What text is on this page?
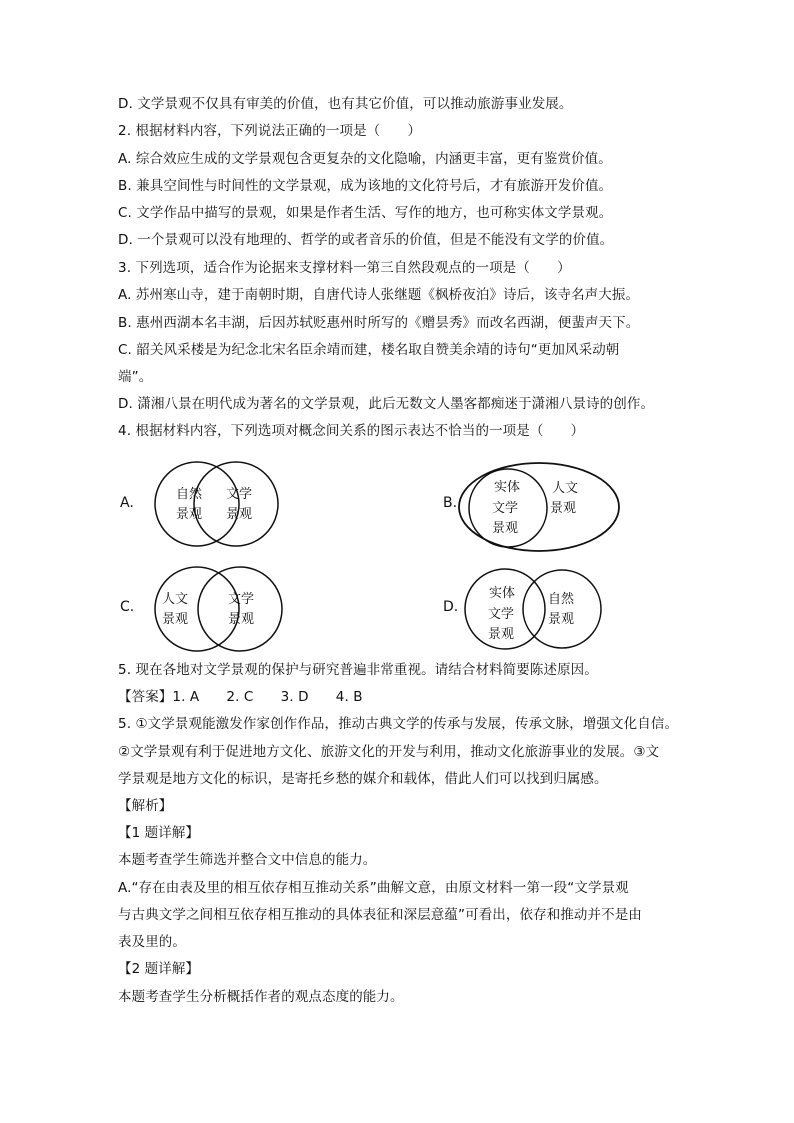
D. 文学景观不仅具有审美的价值，也有其它价值，可以推动旅游事业发展。
2. 根据材料内容，下列说法正确的一项是（　　）
A. 综合效应生成的文学景观包含更复杂的文化隐喻，内涵更丰富，更有鉴赏价值。
B. 兼具空间性与时间性的文学景观，成为该地的文化符号后，才有旅游开发价值。
C. 文学作品中描写的景观，如果是作者生活、写作的地方，也可称实体文学景观。
D. 一个景观可以没有地理的、哲学的或者音乐的价值，但是不能没有文学的价值。
3. 下列选项，适合作为论据来支撑材料一第三自然段观点的一项是（　　）
A. 苏州寒山寺，建于南朝时期，自唐代诗人张继题《枫桥夜泊》诗后，该寺名声大振。
B. 惠州西湖本名丰湖，后因苏轼贬惠州时所写的《赠昙秀》而改名西湖，便蜚声天下。
C. 韶关风采楼是为纪念北宋名臣余靖而建，楼名取自赞美余靖的诗句“更加风采动朝
端”。
D. 潇湘八景在明代成为著名的文学景观，此后无数文人墨客都痴迷于潇湘八景诗的创作。
4. 根据材料内容，下列选项对概念间关系的图示表达不恰当的一项是（　　）
A.
自然
景观
文学
景观
B.
实体
文学
景观
人文
景观
C. 人文
景观
文学
景观
D.
实体
文学
景观
自然
景观
5. 现在各地对文学景观的保护与研究普遍非常重视。请结合材料简要陈述原因。
【答案】1. A　　2. C　　3. D　　4. B
5. ①文学景观能激发作家创作作品，推动古典文学的传承与发展，传承文脉，增强文化自信。
②文学景观有利于促进地方文化、旅游文化的开发与利用，推动文化旅游事业的发展。③文
学景观是地方文化的标识，是寄托乡愁的媒介和载体，借此人们可以找到归属感。
【解析】
【1 题详解】
本题考查学生筛选并整合文中信息的能力。
A.“存在由表及里的相互依存相互推动关系”曲解文意，由原文材料一第一段“文学景观
与古典文学之间相互依存相互推动的具体表征和深层意蕴”可看出，依存和推动并不是由
表及里的。
【2 题详解】
本题考查学生分析概括作者的观点态度的能力。
